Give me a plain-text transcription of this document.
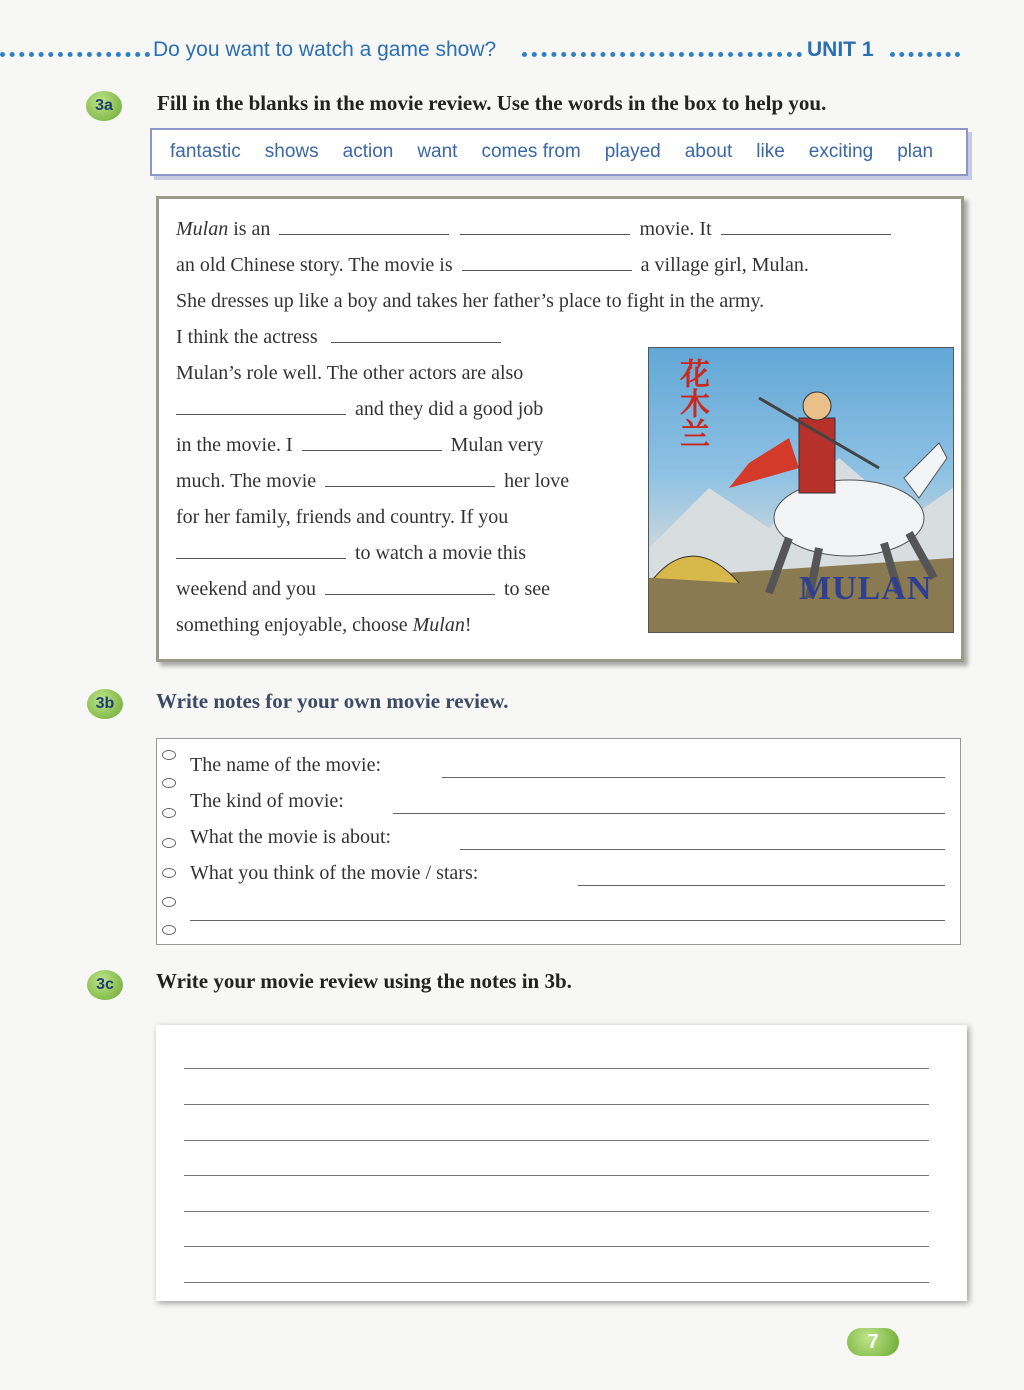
Do you want to watch a game show?	UNIT 1
3a	Fill in the blanks in the movie review. Use the words in the box to help you.
fantastic shows action want comes from played about like exciting plan
Mulan is an	movie. It
an old Chinese story. The movie is	a village girl, Mulan.
She dresses up like a boy and takes her father’s place to fight in the army.
I think the actress
Mulan’s role well. The other actors are also
and they did a good job
in the movie. I	Mulan very
much. The movie	her love
for her family, friends and country. If you
to watch a movie this
weekend and you	to see
something enjoyable, choose Mulan!
花木兰
MULAN
3b	Write notes for your own movie review.
The name of the movie:
The kind of movie:
What the movie is about:
What you think of the movie / stars:
3c	Write your movie review using the notes in 3b.
7
